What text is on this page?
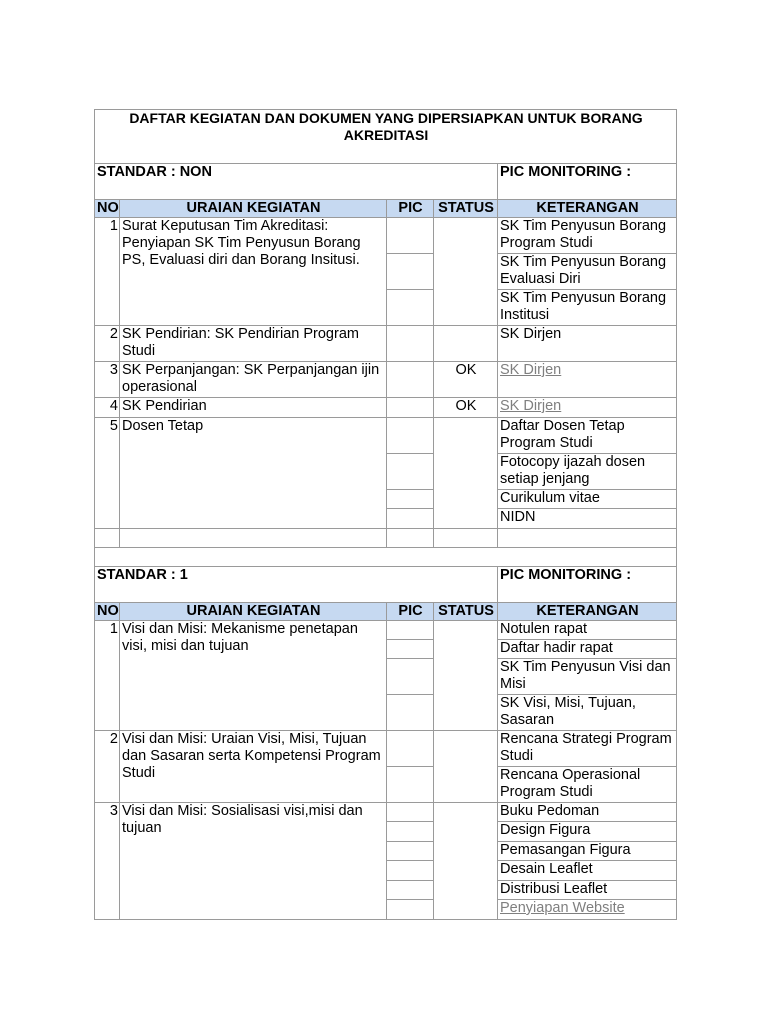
DAFTAR KEGIATAN DAN DOKUMEN YANG DIPERSIAPKAN UNTUK BORANG AKREDITASI				
STANDAR : NON				PIC MONITORING :
NO	URAIAN KEGIATAN	PIC	STATUS	KETERANGAN
1	Surat Keputusan Tim Akreditasi: Penyiapan SK Tim Penyusun Borang PS, Evaluasi diri dan Borang Insitusi.			SK Tim Penyusun Borang Program Studi
				SK Tim Penyusun Borang Evaluasi Diri
				SK Tim Penyusun Borang Institusi
2	SK Pendirian: SK Pendirian Program Studi			SK Dirjen
3	SK Perpanjangan: SK Perpanjangan ijin operasional		OK	SK Dirjen
4	SK Pendirian		OK	SK Dirjen
5	Dosen Tetap			Daftar Dosen Tetap Program Studi
				Fotocopy ijazah dosen setiap jenjang
				Curikulum vitae
				NIDN

STANDAR : 1				PIC MONITORING :
NO	URAIAN KEGIATAN	PIC	STATUS	KETERANGAN
1	Visi dan Misi: Mekanisme penetapan visi, misi dan tujuan			Notulen rapat
				Daftar hadir rapat
				SK Tim Penyusun Visi dan Misi
				SK Visi, Misi, Tujuan, Sasaran
2	Visi dan Misi: Uraian Visi, Misi, Tujuan dan Sasaran serta Kompetensi Program Studi			Rencana Strategi Program Studi
				Rencana Operasional Program Studi
3	Visi dan Misi: Sosialisasi visi,misi dan tujuan			Buku Pedoman
				Design Figura
				Pemasangan Figura
				Desain Leaflet
				Distribusi Leaflet
				Penyiapan Website
